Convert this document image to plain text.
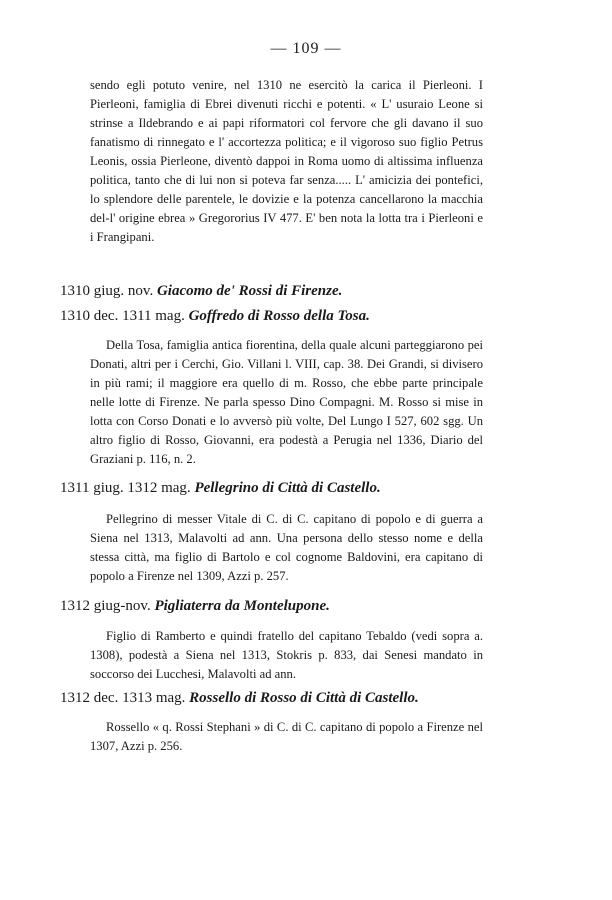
— 109 —

sendo egli potuto venire, nel 1310 ne esercitò la carica il Pierleoni. I Pierleoni, famiglia di Ebrei divenuti ricchi e potenti. « L' usuraio Leone si strinse a Ildebrando e ai papi riformatori col fervore che gli davano il suo fanatismo di rinnegato e l' accortezza politica; e il vigoroso suo figlio Petrus Leonis, ossia Pierleone, diventò dappoi in Roma uomo di altissima influenza politica, tanto che di lui non si poteva far senza..... L' amicizia dei pontefici, lo splendore delle parentele, le dovizie e la potenza cancellarono la macchia del-l' origine ebrea » Gregororius IV 477. E' ben nota la lotta tra i Pierleoni e i Frangipani.

1310 giug. nov. Giacomo de' Rossi di Firenze.
1310 dec. 1311 mag. Goffredo di Rosso della Tosa.

Della Tosa, famiglia antica fiorentina, della quale alcuni parteggiarono pei Donati, altri per i Cerchi, Gio. Villani l. VIII, cap. 38. Dei Grandi, si divisero in più rami; il maggiore era quello di m. Rosso, che ebbe parte principale nelle lotte di Firenze. Ne parla spesso Dino Compagni. M. Rosso si mise in lotta con Corso Donati e lo avversò più volte, Del Lungo I 527, 602 sgg. Un altro figlio di Rosso, Giovanni, era podestà a Perugia nel 1336, Diario del Graziani p. 116, n. 2.

1311 giug. 1312 mag. Pellegrino di Città di Castello.

Pellegrino di messer Vitale di C. di C. capitano di popolo e di guerra a Siena nel 1313, Malavolti ad ann. Una persona dello stesso nome e della stessa città, ma figlio di Bartolo e col cognome Baldovini, era capitano di popolo a Firenze nel 1309, Azzi p. 257.

1312 giug-nov. Pigliaterra da Montelupone.

Figlio di Ramberto e quindi fratello del capitano Tebaldo (vedi sopra a. 1308), podestà a Siena nel 1313, Stokris p. 833, dai Senesi mandato in soccorso dei Lucchesi, Malavolti ad ann.

1312 dec. 1313 mag. Rossello di Rosso di Città di Castello.

Rossello « q. Rossi Stephani » di C. di C. capitano di popolo a Firenze nel 1307, Azzi p. 256.
